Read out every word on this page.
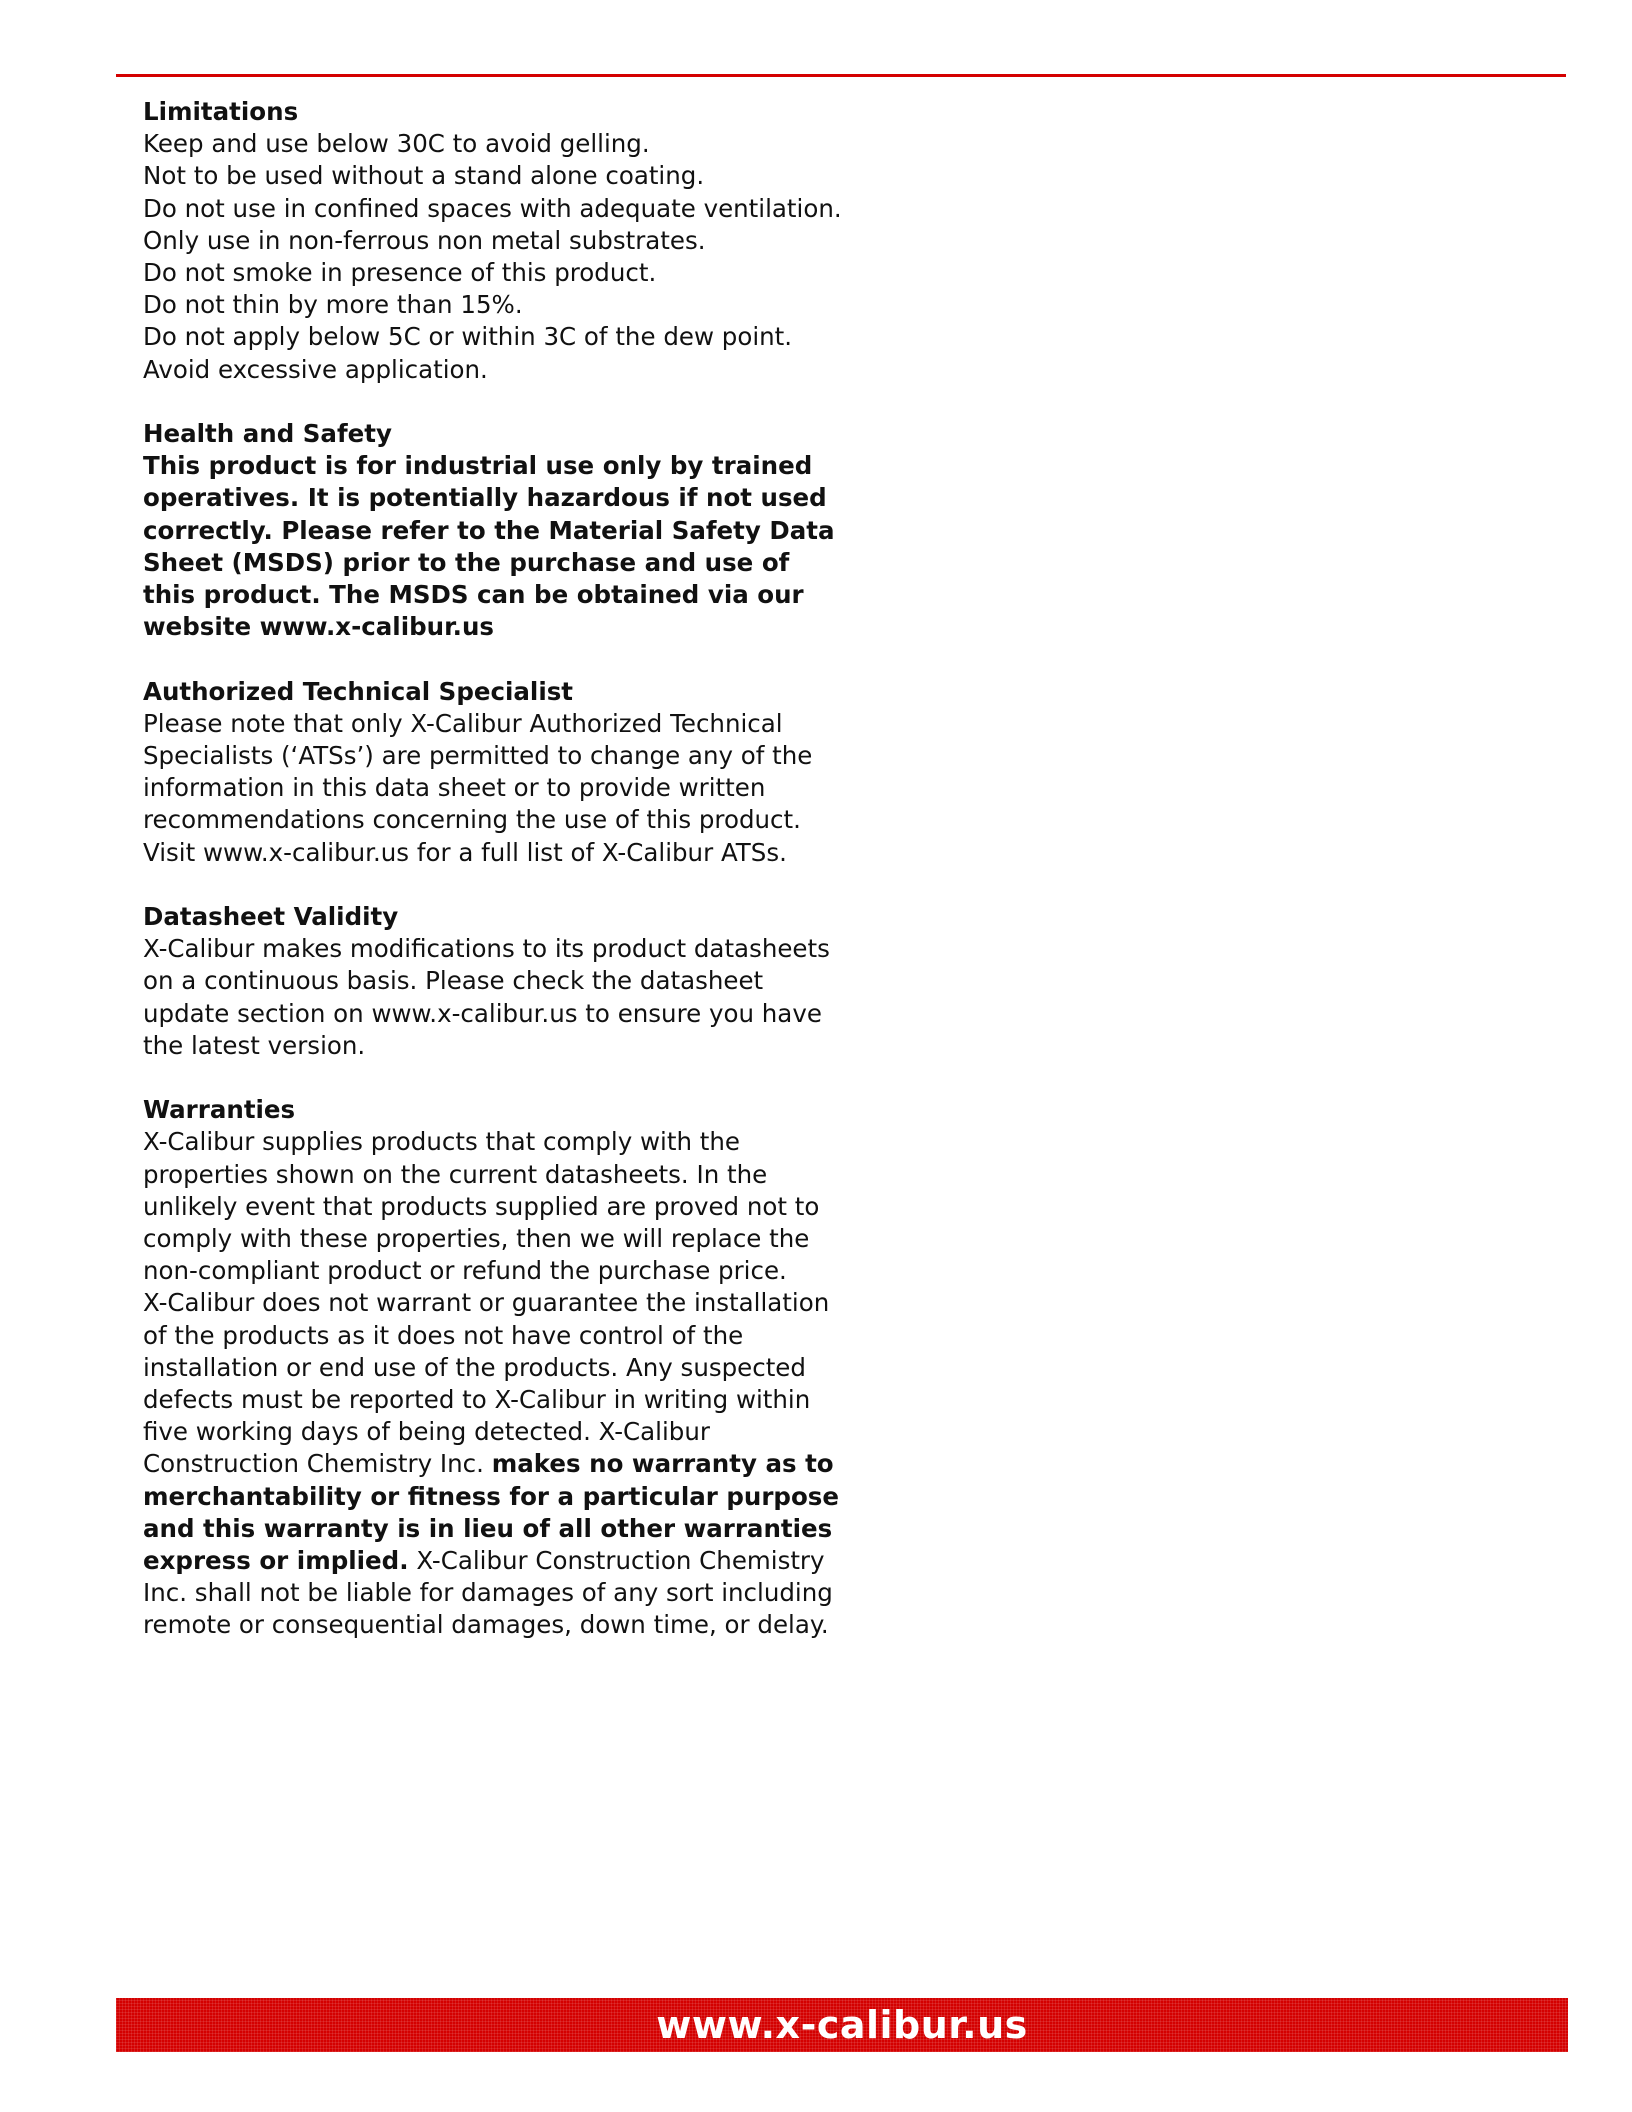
Limitations
Keep and use below 30C to avoid gelling.
Not to be used without a stand alone coating.
Do not use in confined spaces with adequate ventilation.
Only use in non-ferrous non metal substrates.
Do not smoke in presence of this product.
Do not thin by more than 15%.
Do not apply below 5C or within 3C of the dew point.
Avoid excessive application.
Health and Safety
This product is for industrial use only by trained
operatives. It is potentially hazardous if not used
correctly. Please refer to the Material Safety Data
Sheet (MSDS) prior to the purchase and use of
this product. The MSDS can be obtained via our
website www.x-calibur.us
Authorized Technical Specialist
Please note that only X-Calibur Authorized Technical
Specialists (‘ATSs’) are permitted to change any of the
information in this data sheet or to provide written
recommendations concerning the use of this product.
Visit www.x-calibur.us for a full list of X-Calibur ATSs.
Datasheet Validity
X-Calibur makes modifications to its product datasheets
on a continuous basis. Please check the datasheet
update section on www.x-calibur.us to ensure you have
the latest version.
Warranties
X-Calibur supplies products that comply with the
properties shown on the current datasheets. In the
unlikely event that products supplied are proved not to
comply with these properties, then we will replace the
non-compliant product or refund the purchase price.
X-Calibur does not warrant or guarantee the installation
of the products as it does not have control of the
installation or end use of the products. Any suspected
defects must be reported to X-Calibur in writing within
five working days of being detected. X-Calibur
Construction Chemistry Inc. makes no warranty as to
merchantability or fitness for a particular purpose
and this warranty is in lieu of all other warranties
express or implied. X-Calibur Construction Chemistry
Inc. shall not be liable for damages of any sort including
remote or consequential damages, down time, or delay.
www.x-calibur.us
